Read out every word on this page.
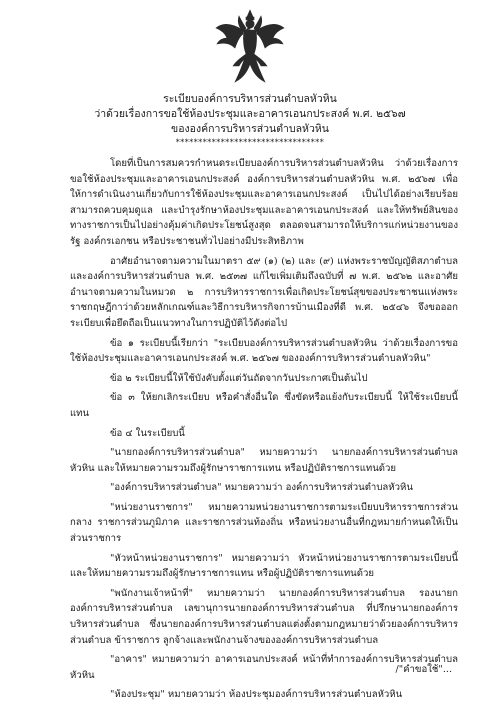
ระเบียบองค์การบริหารส่วนตำบลหัวหิน
ว่าด้วยเรื่องการขอใช้ห้องประชุมและอาคารเอนกประสงค์ พ.ศ. ๒๕๖๗
ขององค์การบริหารส่วนตำบลหัวหิน
*********************************

โดยที่เป็นการสมควรกำหนดระเบียบองค์การบริหารส่วนตำบลหัวหิน ว่าด้วยเรื่องการขอใช้ห้องประชุมและอาคารเอนกประสงค์ องค์การบริหารส่วนตำบลหัวหิน พ.ศ. ๒๕๖๗ เพื่อให้การดำเนินงานเกี่ยวกับการใช้ห้องประชุมและอาคารเอนกประสงค์ เป็นไปได้อย่างเรียบร้อย สามารถควบคุมดูแล และบำรุงรักษาห้องประชุมและอาคารเอนกประสงค์ และให้ทรัพย์สินของทางราชการเป็นไปอย่างคุ้มค่าเกิดประโยชน์สูงสุด ตลอดจนสามารถให้บริการแก่หน่วยงานของรัฐ องค์กรเอกชน หรือประชาชนทั่วไปอย่างมีประสิทธิภาพ

อาศัยอำนาจตามความในมาตรา ๕๙ (๑) (๒) และ (๙) แห่งพระราชบัญญัติสภาตำบลและองค์การบริหารส่วนตำบล พ.ศ. ๒๕๓๗ แก้ไขเพิ่มเติมถึงฉบับที่ ๗ พ.ศ. ๒๕๖๒ และอาศัยอำนาจตามความในหมวด ๒ การบริหารราชการเพื่อเกิดประโยชน์สุขของประชาชนแห่งพระราชกฤษฎีกาว่าด้วยหลักเกณฑ์และวิธีการบริหารกิจการบ้านเมืองที่ดี พ.ศ. ๒๕๔๖ จึงขอออกระเบียบเพื่อยึดถือเป็นแนวทางในการปฏิบัติไว้ดังต่อไป

ข้อ ๑ ระเบียบนี้เรียกว่า "ระเบียบองค์การบริหารส่วนตำบลหัวหิน ว่าด้วยเรื่องการขอใช้ห้องประชุมและอาคารเอนกประสงค์ พ.ศ. ๒๕๖๗ ขององค์การบริหารส่วนตำบลหัวหิน"

ข้อ ๒ ระเบียบนี้ให้ใช้บังคับตั้งแต่วันถัดจากวันประกาศเป็นต้นไป

ข้อ ๓ ให้ยกเลิกระเบียบ หรือคำสั่งอื่นใด ซึ่งขัดหรือแย้งกับระเบียบนี้ ให้ใช้ระเบียบนี้แทน

ข้อ ๔ ในระเบียบนี้

"นายกองค์การบริหารส่วนตำบล" หมายความว่า นายกองค์การบริหารส่วนตำบลหัวหิน และให้หมายความรวมถึงผู้รักษาราชการแทน หรือปฏิบัติราชการแทนด้วย

"องค์การบริหารส่วนตำบล" หมายความว่า องค์การบริหารส่วนตำบลหัวหิน

"หน่วยงานราชการ" หมายความหน่วยงานราชการตามระเบียบบริหารราชการส่วนกลาง ราชการส่วนภูมิภาค และราชการส่วนท้องถิ่น หรือหน่วยงานอื่นที่กฎหมายกำหนดให้เป็นส่วนราชการ

"หัวหน้าหน่วยงานราชการ" หมายความว่า หัวหน้าหน่วยงานราชการตามระเบียบนี้และให้หมายความรวมถึงผู้รักษาราชการแทน หรือผู้ปฏิบัติราชการแทนด้วย

"พนักงานเจ้าหน้าที่" หมายความว่า นายกองค์การบริหารส่วนตำบล รองนายกองค์การบริหารส่วนตำบล เลขานุการนายกองค์การบริหารส่วนตำบล ที่ปรึกษานายกองค์การบริหารส่วนตำบล ซึ่งนายกองค์การบริหารส่วนตำบลแต่งตั้งตามกฎหมายว่าด้วยองค์การบริหารส่วนตำบล ข้าราชการ ลูกจ้างและพนักงานจ้างขององค์การบริหารส่วนตำบล

"อาคาร" หมายความว่า อาคารเอนกประสงค์ หน้าที่ทำการองค์การบริหารส่วนตำบลหัวหิน

"ห้องประชุม" หมายความว่า ห้องประชุมองค์การบริหารส่วนตำบลหัวหิน

/"คำขอใช้"...
